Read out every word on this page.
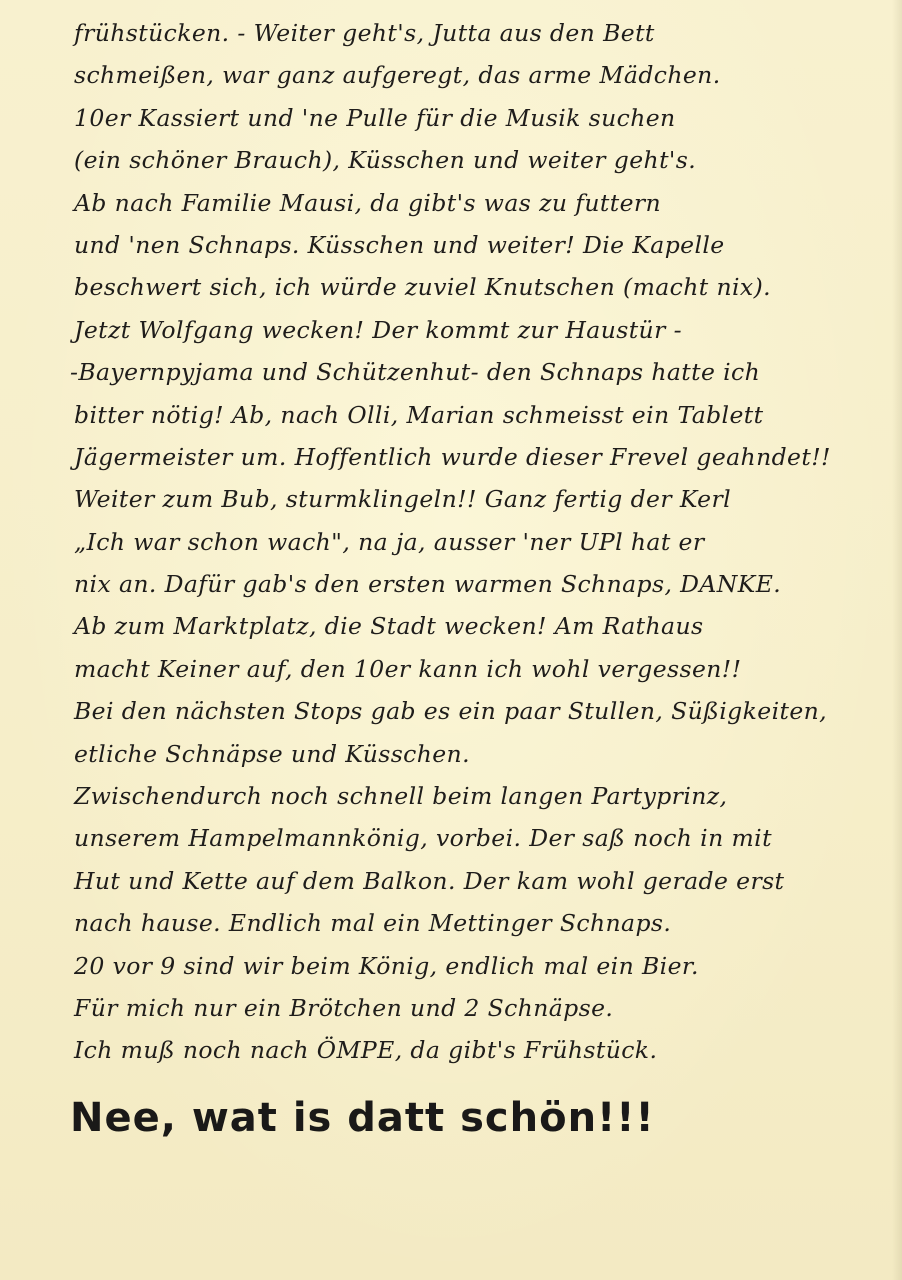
frühstücken. - Weiter geht's, Jutta aus den Bett
schmeißen, war ganz aufgeregt, das arme Mädchen.
10er Kassiert und 'ne Pulle für die Musik suchen
(ein schöner Brauch), Küsschen und weiter geht's.
Ab nach Familie Mausi, da gibt's was zu futtern
und 'nen Schnaps. Küsschen und weiter! Die Kapelle
beschwert sich, ich würde zuviel Knutschen (macht nix).
Jetzt Wolfgang wecken! Der kommt zur Haustür -
-Bayernpyjama und Schützenhut- den Schnaps hatte ich
bitter nötig! Ab, nach Olli, Marian schmeisst ein Tablett
Jägermeister um. Hoffentlich wurde dieser Frevel geahndet!!
Weiter zum Bub, sturmklingeln!! Ganz fertig der Kerl
„Ich war schon wach", na ja, ausser 'ner UPl hat er
nix an. Dafür gab's den ersten warmen Schnaps, DANKE.
Ab zum Marktplatz, die Stadt wecken! Am Rathaus
macht Keiner auf, den 10er kann ich wohl vergessen!!
Bei den nächsten Stops gab es ein paar Stullen, Süßigkeiten,
etliche Schnäpse und Küsschen.
Zwischendurch noch schnell beim langen Partyprinz,
unserem Hampelmannkönig, vorbei. Der saß noch in mit
Hut und Kette auf dem Balkon. Der kam wohl gerade erst
nach hause. Endlich mal ein Mettinger Schnaps.
20 vor 9 sind wir beim König, endlich mal ein Bier.
Für mich nur ein Brötchen und 2 Schnäpse.
Ich muß noch nach ÖMPE, da gibt's Frühstück.
Nee, wat is datt schön!!!
